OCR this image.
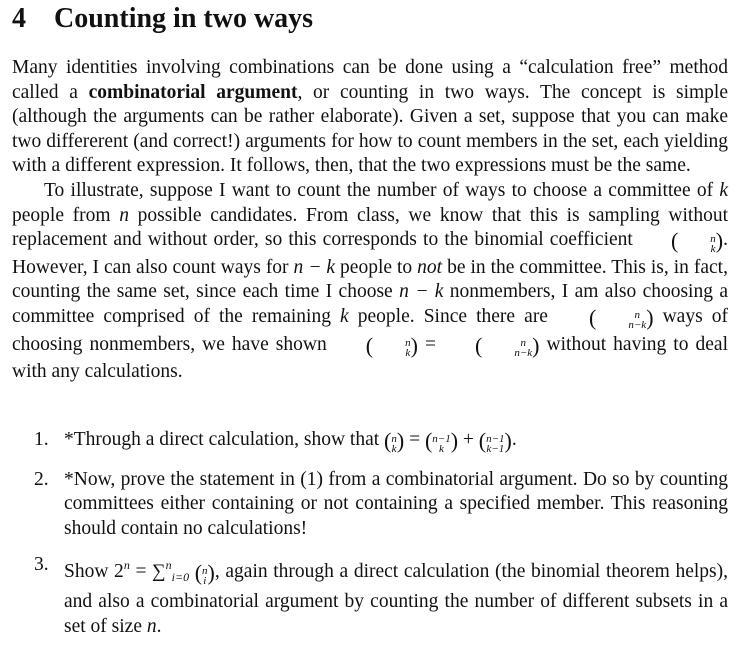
4 Counting in two ways

Many identities involving combinations can be done using a “calculation free” method called a combinatorial argument, or counting in two ways. The concept is simple (although the arguments can be rather elaborate). Given a set, suppose that you can make two differerent (and correct!) arguments for how to count members in the set, each yielding with a different expression. It follows, then, that the two expressions must be the same.

To illustrate, suppose I want to count the number of ways to choose a committee of k people from n possible candidates. From class, we know that this is sampling without replacement and without order, so this corresponds to the binomial coefficient (	n
k ). However, I can also count ways for n − k people to not be in the committee. This is, in fact, counting the same set, since each time I choose n − k nonmembers, I am also choosing a committee comprised of the remaining k people. Since there are (	n
n−k ) ways of choosing nonmembers, we have shown (	n
k ) = (	n
n−k ) without having to deal with any calculations.

1. *Through a direct calculation, show that ( n
k ) = ( n−1
k ) + ( n−1
k−1 ).
2. *Now, prove the statement in (1) from a combinatorial argument. Do so by counting committees either containing or not containing a specified member. This reasoning should contain no calculations!
3. Show $2^n = \sum^n_{i=0}$ ( n
i ), again through a direct calculation (the binomial theorem helps), and also a combinatorial argument by counting the number of different subsets in a set of size n.
